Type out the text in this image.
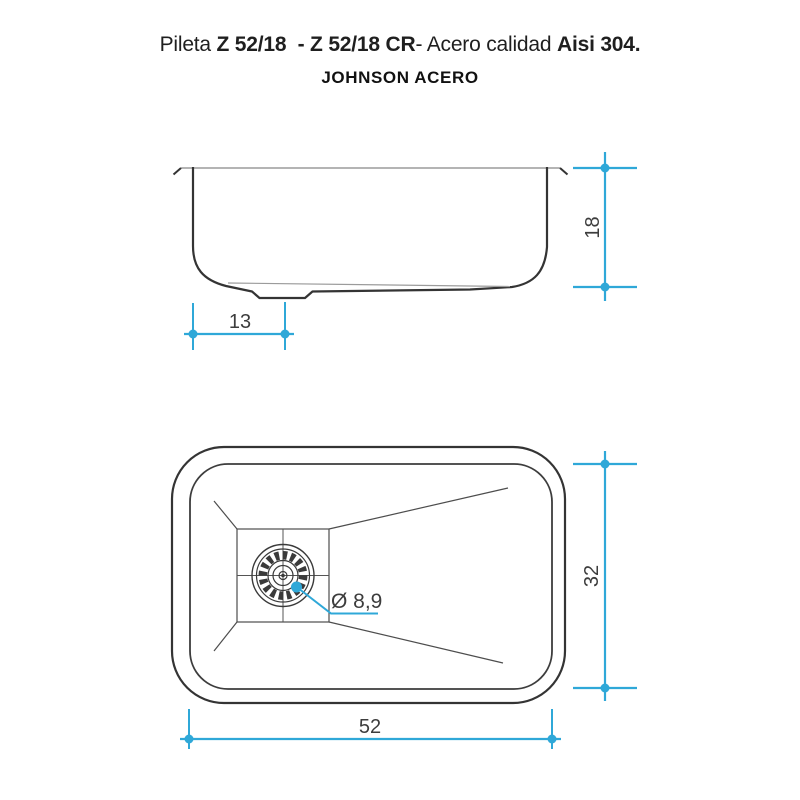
Pileta Z 52/18  - Z 52/18 CR- Acero calidad Aisi 304.
JOHNSON ACERO
18
13
Ø 8,9
32
52
